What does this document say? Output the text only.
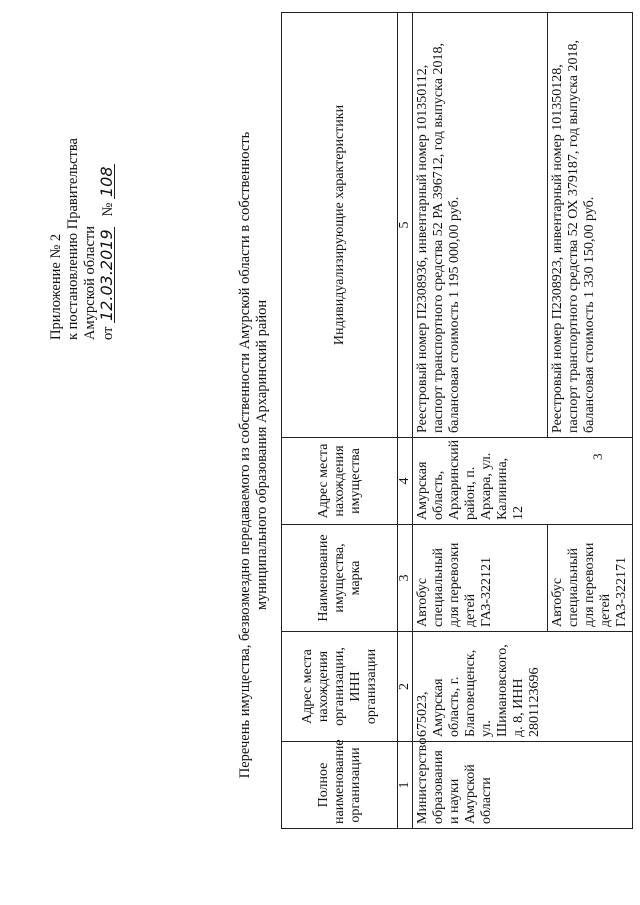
3
Приложение № 2 к постановлению Правительства Амурской области от 12.03.2019   № 108	Перечень имущества, безвозмездно передаваемого из собственности Амурской области в собственность муниципального образования Архаринский район
Полное наименование организации	Адрес места нахождения организации, ИНН организации	Наименование имущества, марка	Адрес места нахождения имущества	Индивидуализирующие характеристики
1	2	3	4	5
Министерство образования и науки Амурской области	675023, Амурская область, г. Благовещенск, ул. Шимановского, д. 8, ИНН 2801123696	Автобус специальный для перевозки детей ГАЗ-322121	Амурская область, Архаринский район, п. Архара, ул. Калинина, 12	Реестровый номер П2308936, инвентарный номер 101350112, паспорт транспортного средства 52 РА 396712, год выпуска 2018, балансовая стоимость 1 195 000,00 руб.
		Автобус специальный для перевозки детей ГАЗ-322171		Реестровый номер П2308923, инвентарный номер 101350128, паспорт транспортного средства 52 ОХ 379187, год выпуска 2018, балансовая стоимость 1 330 150,00 руб.
